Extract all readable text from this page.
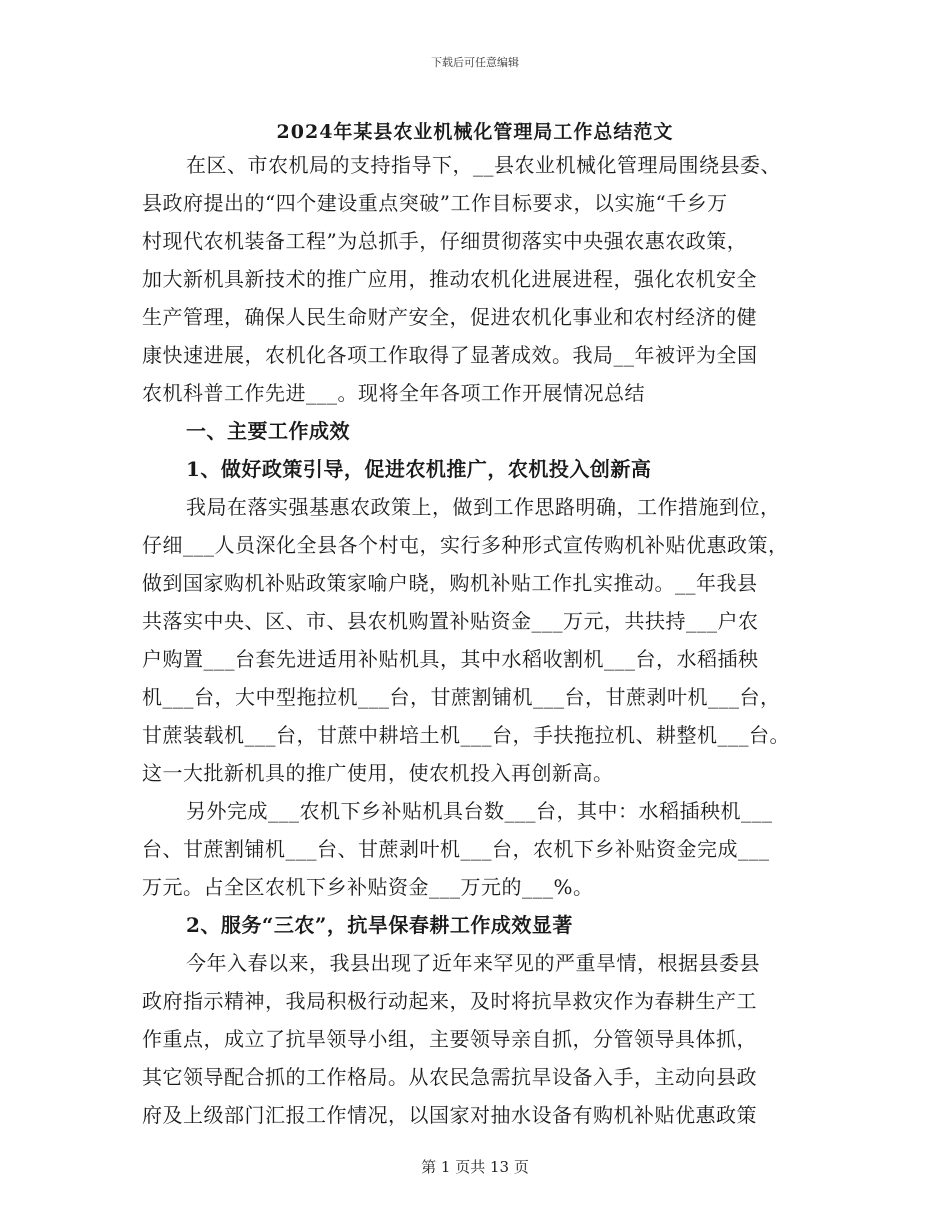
下载后可任意编辑
2024年某县农业机械化管理局工作总结范文
在区、市农机局的支持指导下，__县农业机械化管理局围绕县委、
县政府提出的“四个建设重点突破”工作目标要求，以实施“千乡万
村现代农机装备工程”为总抓手，仔细贯彻落实中央强农惠农政策，
加大新机具新技术的推广应用，推动农机化进展进程，强化农机安全
生产管理，确保人民生命财产安全，促进农机化事业和农村经济的健
康快速进展，农机化各项工作取得了显著成效。我局__年被评为全国
农机科普工作先进___。现将全年各项工作开展情况总结
一、主要工作成效
1、做好政策引导，促进农机推广，农机投入创新高
我局在落实强基惠农政策上，做到工作思路明确，工作措施到位，
仔细___人员深化全县各个村屯，实行多种形式宣传购机补贴优惠政策，
做到国家购机补贴政策家喻户晓，购机补贴工作扎实推动。__年我县
共落实中央、区、市、县农机购置补贴资金___万元，共扶持___户农
户购置___台套先进适用补贴机具，其中水稻收割机___台，水稻插秧
机___台，大中型拖拉机___台，甘蔗割铺机___台，甘蔗剥叶机___台，
甘蔗装载机___台，甘蔗中耕培土机___台，手扶拖拉机、耕整机___台。
这一大批新机具的推广使用，使农机投入再创新高。
另外完成___农机下乡补贴机具台数___台，其中：水稻插秧机___
台、甘蔗割铺机___台、甘蔗剥叶机___台，农机下乡补贴资金完成___
万元。占全区农机下乡补贴资金___万元的___%。
2、服务“三农”，抗旱保春耕工作成效显著
今年入春以来，我县出现了近年来罕见的严重旱情，根据县委县
政府指示精神，我局积极行动起来，及时将抗旱救灾作为春耕生产工
作重点，成立了抗旱领导小组，主要领导亲自抓，分管领导具体抓，
其它领导配合抓的工作格局。从农民急需抗旱设备入手，主动向县政
府及上级部门汇报工作情况，以国家对抽水设备有购机补贴优惠政策
第 1 页共 13 页
